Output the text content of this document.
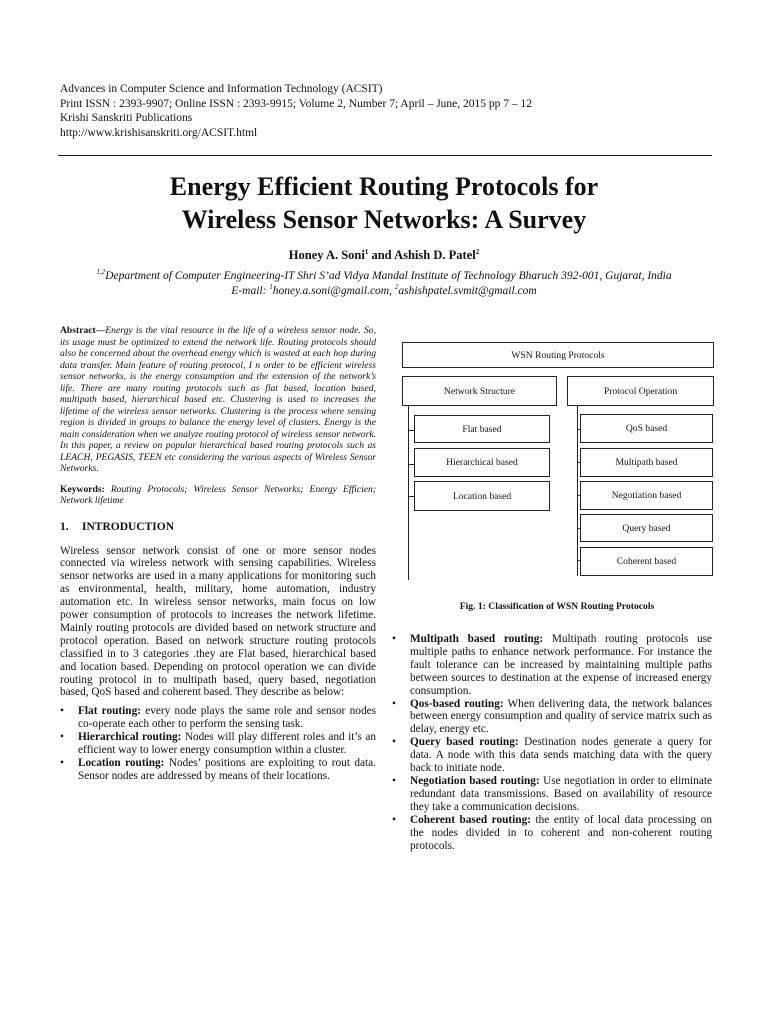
Advances in Computer Science and Information Technology (ACSIT)
Print ISSN : 2393-9907; Online ISSN : 2393-9915; Volume 2, Number 7; April – June, 2015 pp 7 – 12
Krishi Sanskriti Publications
http://www.krishisanskriti.org/ACSIT.html
Energy Efficient Routing Protocols for
Wireless Sensor Networks: A Survey
Honey A. Soni$^1$ and Ashish D. Patel$^2$
$^{1,2}$Department of Computer Engineering-IT Shri S’ad Vidya Mandal Institute of Technology Bharuch 392-001, Gujarat, India
E-mail: $^1$honey.a.soni@gmail.com, $^2$ashishpatel.svmit@gmail.com
Abstract—Energy is the vital resource in the life of a wireless sensor node. So, its usage must be optimized to extend the network life. Routing protocols should also be concerned about the overhead energy which is wasted at each hop during data transfer. Main feature of routing protocol, I n order to be efficient wireless sensor networks, is the energy consumption and the extension of the network’s life. There are many routing protocols such as flat based, location based, multipath based, hierarchical based etc. Clustering is used to increases the lifetime of the wireless sensor networks. Clustering is the process where sensing region is divided in groups to balance the energy level of clusters. Energy is the main consideration when we analyze routing protocol of wireless sensor network. In this paper, a review on popular hierarchical based routing protocols such as LEACH, PEGASIS, TEEN etc considering the various aspects of Wireless Sensor Networks.
Keywords: Routing Protocols; Wireless Sensor Networks; Energy Efficien; Network lifetime
1. INTRODUCTION
Wireless sensor network consist of one or more sensor nodes connected via wireless network with sensing capabilities. Wireless sensor networks are used in a many applications for monitoring such as environmental, health, military, home automation, industry automation etc. In wireless sensor networks, main focus on low power consumption of protocols to increases the network lifetime. Mainly routing protocols are divided based on network structure and protocol operation. Based on network structure routing protocols classified in to 3 categories .they are Flat based, hierarchical based and location based. Depending on protocol operation we can divide routing protocol in to multipath based, query based, negotiation based, QoS based and coherent based. They describe as below:
• Flat routing: every node plays the same role and sensor nodes co-operate each other to perform the sensing task.
• Hierarchical routing: Nodes will play different roles and it’s an efficient way to lower energy consumption within a cluster.
• Location routing: Nodes’ positions are exploiting to rout data. Sensor nodes are addressed by means of their locations.
WSN Routing Protocols
Network Structure	Protocol Operation
Flat based
Hierarchical based
Location based
QoS based
Multipath based
Negotiation based
Query based
Coherent based
Fig. 1: Classification of WSN Routing Protocols
• Multipath based routing: Multipath routing protocols use multiple paths to enhance network performance. For instance the fault tolerance can be increased by maintaining multiple paths between sources to destination at the expense of increased energy consumption.
• Qos-based routing: When delivering data, the network balances between energy consumption and quality of service matrix such as delay, energy etc.
• Query based routing: Destination nodes generate a query for data. A node with this data sends matching data with the query back to initiate node.
• Negotiation based routing: Use negotiation in order to eliminate redundant data transmissions. Based on availability of resource they take a communication decisions.
• Coherent based routing: the entity of local data processing on the nodes divided in to coherent and non-coherent routing protocols.
